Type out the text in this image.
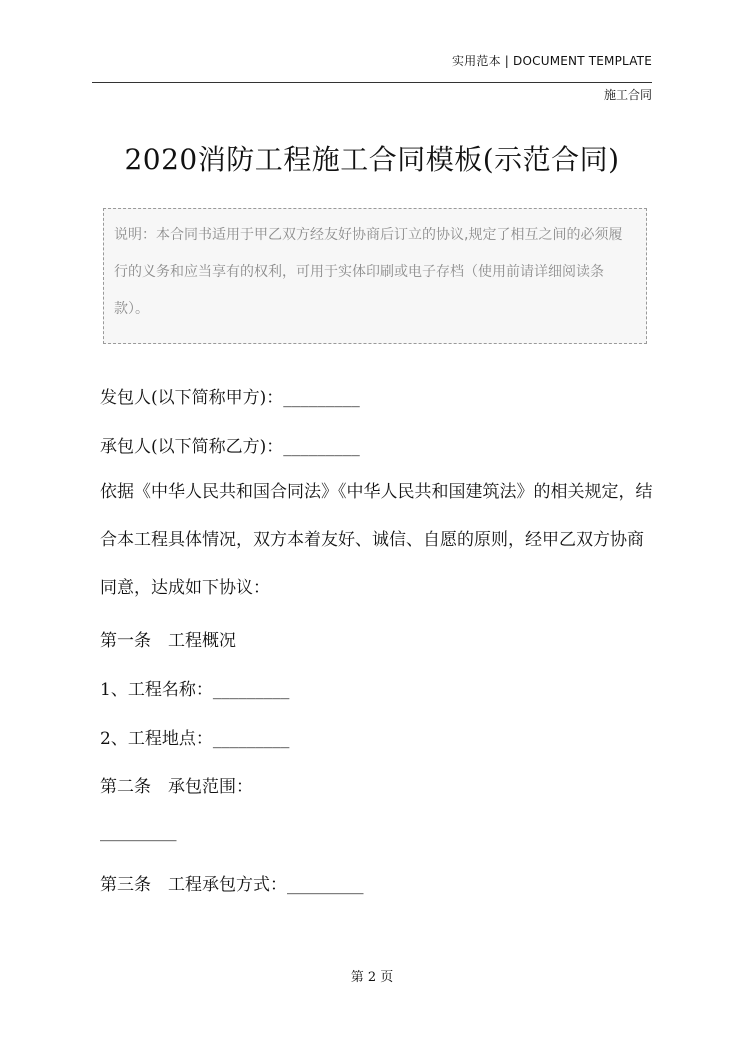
实用范本 | DOCUMENT TEMPLATE
施工合同
2020消防工程施工合同模板(示范合同)
说明：本合同书适用于甲乙双方经友好协商后订立的协议,规定了相互之间的必须履行的义务和应当享有的权利，可用于实体印刷或电子存档（使用前请详细阅读条款）。
发包人(以下简称甲方)：_________
承包人(以下简称乙方)：_________
依据《中华人民共和国合同法》《中华人民共和国建筑法》的相关规定，结合本工程具体情况，双方本着友好、诚信、自愿的原则，经甲乙双方协商同意，达成如下协议：
第一条　工程概况
1、工程名称：_________
2、工程地点：_________
第二条　承包范围：
_________
第三条　工程承包方式：_________
第 2 页
